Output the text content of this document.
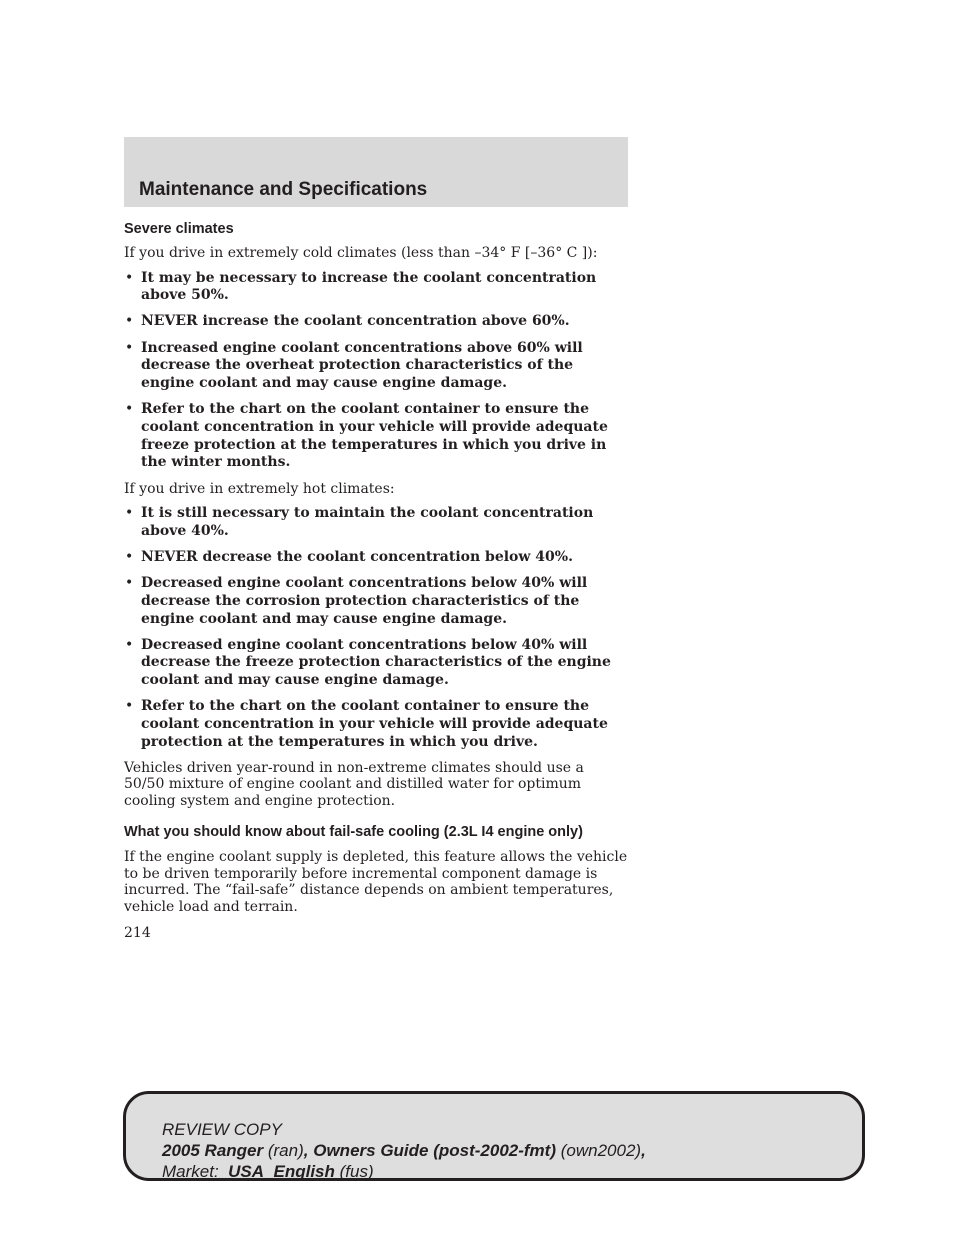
Maintenance and Specifications
Severe climates

If you drive in extremely cold climates (less than –34° F [–36° C ]):

• It may be necessary to increase the coolant concentration above 50%.
• NEVER increase the coolant concentration above 60%.
• Increased engine coolant concentrations above 60% will decrease the overheat protection characteristics of the engine coolant and may cause engine damage.
• Refer to the chart on the coolant container to ensure the coolant concentration in your vehicle will provide adequate freeze protection at the temperatures in which you drive in the winter months.

If you drive in extremely hot climates:

• It is still necessary to maintain the coolant concentration above 40%.
• NEVER decrease the coolant concentration below 40%.
• Decreased engine coolant concentrations below 40% will decrease the corrosion protection characteristics of the engine coolant and may cause engine damage.
• Decreased engine coolant concentrations below 40% will decrease the freeze protection characteristics of the engine coolant and may cause engine damage.
• Refer to the chart on the coolant container to ensure the coolant concentration in your vehicle will provide adequate protection at the temperatures in which you drive.

Vehicles driven year-round in non-extreme climates should use a 50/50 mixture of engine coolant and distilled water for optimum cooling system and engine protection.

What you should know about fail-safe cooling (2.3L I4 engine only)

If the engine coolant supply is depleted, this feature allows the vehicle to be driven temporarily before incremental component damage is incurred. The “fail-safe” distance depends on ambient temperatures, vehicle load and terrain.

214
REVIEW COPY
2005 Ranger (ran), Owners Guide (post-2002-fmt) (own2002),
Market: USA_English (fus)
